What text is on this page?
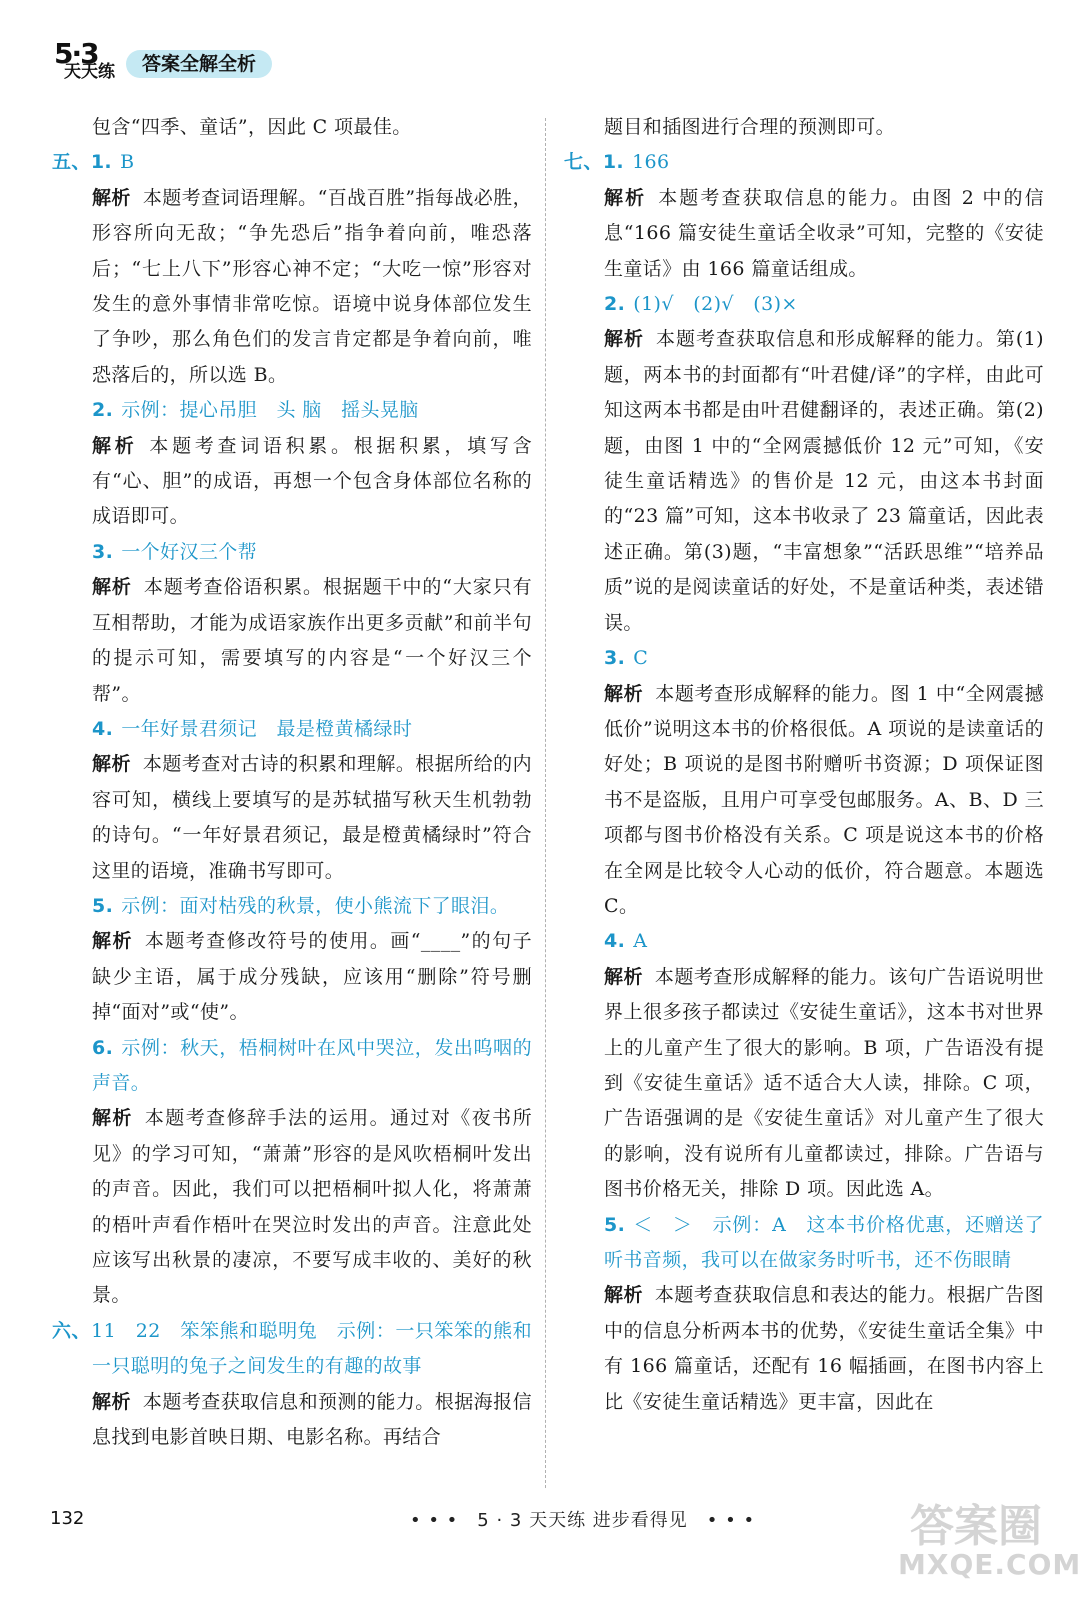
5·3
天天练	答案全解全析

包含“四季、童话”，因此 C 项最佳。

五、1. B

解析 本题考查词语理解。“百战百胜”指每战必胜，形容所向无敌；“争先恐后”指争着向前，唯恐落后；“七上八下”形容心神不定；“大吃一惊”形容对发生的意外事情非常吃惊。语境中说身体部位发生了争吵，那么角色们的发言肯定都是争着向前，唯恐落后的，所以选 B。

2. 示例：提心吊胆　头 脑　摇头晃脑

解析 本题考查词语积累。根据积累，填写含有“心、胆”的成语，再想一个包含身体部位名称的成语即可。

3. 一个好汉三个帮

解析 本题考查俗语积累。根据题干中的“大家只有互相帮助，才能为成语家族作出更多贡献”和前半句的提示可知，需要填写的内容是“一个好汉三个帮”。

4. 一年好景君须记　最是橙黄橘绿时

解析 本题考查对古诗的积累和理解。根据所给的内容可知，横线上要填写的是苏轼描写秋天生机勃勃的诗句。“一年好景君须记，最是橙黄橘绿时”符合这里的语境，准确书写即可。

5. 示例：面对枯残的秋景，使小熊流下了眼泪。

解析 本题考查修改符号的使用。画“____”的句子缺少主语，属于成分残缺，应该用“删除”符号删掉“面对”或“使”。

6. 示例：秋天，梧桐树叶在风中哭泣，发出呜咽的声音。

解析 本题考查修辞手法的运用。通过对《夜书所见》的学习可知，“萧萧”形容的是风吹梧桐叶发出的声音。因此，我们可以把梧桐叶拟人化，将萧萧的梧叶声看作梧叶在哭泣时发出的声音。注意此处应该写出秋景的凄凉，不要写成丰收的、美好的秋景。

六、11　22　笨笨熊和聪明兔　示例：一只笨笨的熊和一只聪明的兔子之间发生的有趣的故事

解析 本题考查获取信息和预测的能力。根据海报信息找到电影首映日期、电影名称。再结合

题目和插图进行合理的预测即可。

七、1. 166

解析 本题考查获取信息的能力。由图 2 中的信息“166 篇安徒生童话全收录”可知，完整的《安徒生童话》由 166 篇童话组成。

2. (1)√　(2)√　(3)×

解析 本题考查获取信息和形成解释的能力。第(1)题，两本书的封面都有“叶君健/译”的字样，由此可知这两本书都是由叶君健翻译的，表述正确。第(2)题，由图 1 中的“全网震撼低价 12 元”可知，《安徒生童话精选》的售价是 12 元，由这本书封面的“23 篇”可知，这本书收录了 23 篇童话，因此表述正确。第(3)题，“丰富想象”“活跃思维”“培养品质”说的是阅读童话的好处，不是童话种类，表述错误。

3. C

解析 本题考查形成解释的能力。图 1 中“全网震撼低价”说明这本书的价格很低。A 项说的是读童话的好处；B 项说的是图书附赠听书资源；D 项保证图书不是盗版，且用户可享受包邮服务。A、B、D 三项都与图书价格没有关系。C 项是说这本书的价格在全网是比较令人心动的低价，符合题意。本题选 C。

4. A

解析 本题考查形成解释的能力。该句广告语说明世界上很多孩子都读过《安徒生童话》，这本书对世界上的儿童产生了很大的影响。B 项，广告语没有提到《安徒生童话》适不适合大人读，排除。C 项，广告语强调的是《安徒生童话》对儿童产生了很大的影响，没有说所有儿童都读过，排除。广告语与图书价格无关，排除 D 项。因此选 A。

5. ＜　＞　示例：A　这本书价格优惠，还赠送了听书音频，我可以在做家务时听书，还不伤眼睛

解析 本题考查获取信息和表达的能力。根据广告图中的信息分析两本书的优势，《安徒生童话全集》中有 166 篇童话，还配有 16 幅插画，在图书内容上比《安徒生童话精选》更丰富，因此在

132	• • •　5 · 3 天天练 进步看得见　• • •	答案圈
MXQE.COM
